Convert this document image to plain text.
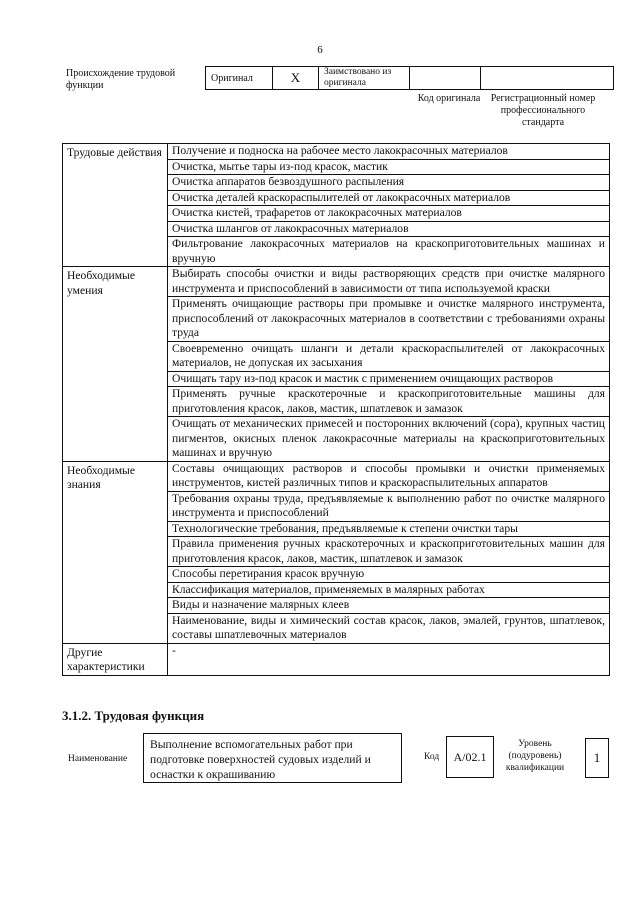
6
Происхождение трудовой функции
Оригинал	X	Заимствовано из оригинала		
Код оригинала	Регистрационный номер профессионального стандарта
Трудовые действия	Получение и подноска на рабочее место лакокрасочных материалов
	Очистка, мытье тары из-под красок, мастик
	Очистка аппаратов безвоздушного распыления
	Очистка деталей краскораспылителей от лакокрасочных материалов
	Очистка кистей, трафаретов от лакокрасочных материалов
	Очистка шлангов от лакокрасочных материалов
	Фильтрование лакокрасочных материалов на краскоприготовительных машинах и вручную
Необходимые умения	Выбирать способы очистки и виды растворяющих средств при очистке малярного инструмента и приспособлений в зависимости от типа используемой краски
	Применять очищающие растворы при промывке и очистке малярного инструмента, приспособлений от лакокрасочных материалов в соответствии с требованиями охраны труда
	Своевременно очищать шланги и детали краскораспылителей от лакокрасочных материалов, не допуская их засыхания
	Очищать тару из-под красок и мастик с применением очищающих растворов
	Применять ручные краскотерочные и краскоприготовительные машины для приготовления красок, лаков, мастик, шпатлевок и замазок
	Очищать от механических примесей и посторонних включений (сора), крупных частиц пигментов, окисных пленок лакокрасочные материалы на краскоприготовительных машинах и вручную
Необходимые знания	Составы очищающих растворов и способы промывки и очистки применяемых инструментов, кистей различных типов и краскораспылительных аппаратов
	Требования охраны труда, предъявляемые к выполнению работ по очистке малярного инструмента и приспособлений
	Технологические требования, предъявляемые к степени очистки тары
	Правила применения ручных краскотерочных и краскоприготовительных машин для приготовления красок, лаков, мастик, шпатлевок и замазок
	Способы перетирания красок вручную
	Классификация материалов, применяемых в малярных работах
	Виды и назначение малярных клеев
	Наименование, виды и химический состав красок, лаков, эмалей, грунтов, шпатлевок, составы шпатлевочных материалов
Другие характеристики	-
3.1.2. Трудовая функция
Наименование
Выполнение вспомогательных работ при подготовке поверхностей судовых изделий и оснастки к окрашиванию
Код	A/02.1
Уровень (подуровень) квалификации
1
